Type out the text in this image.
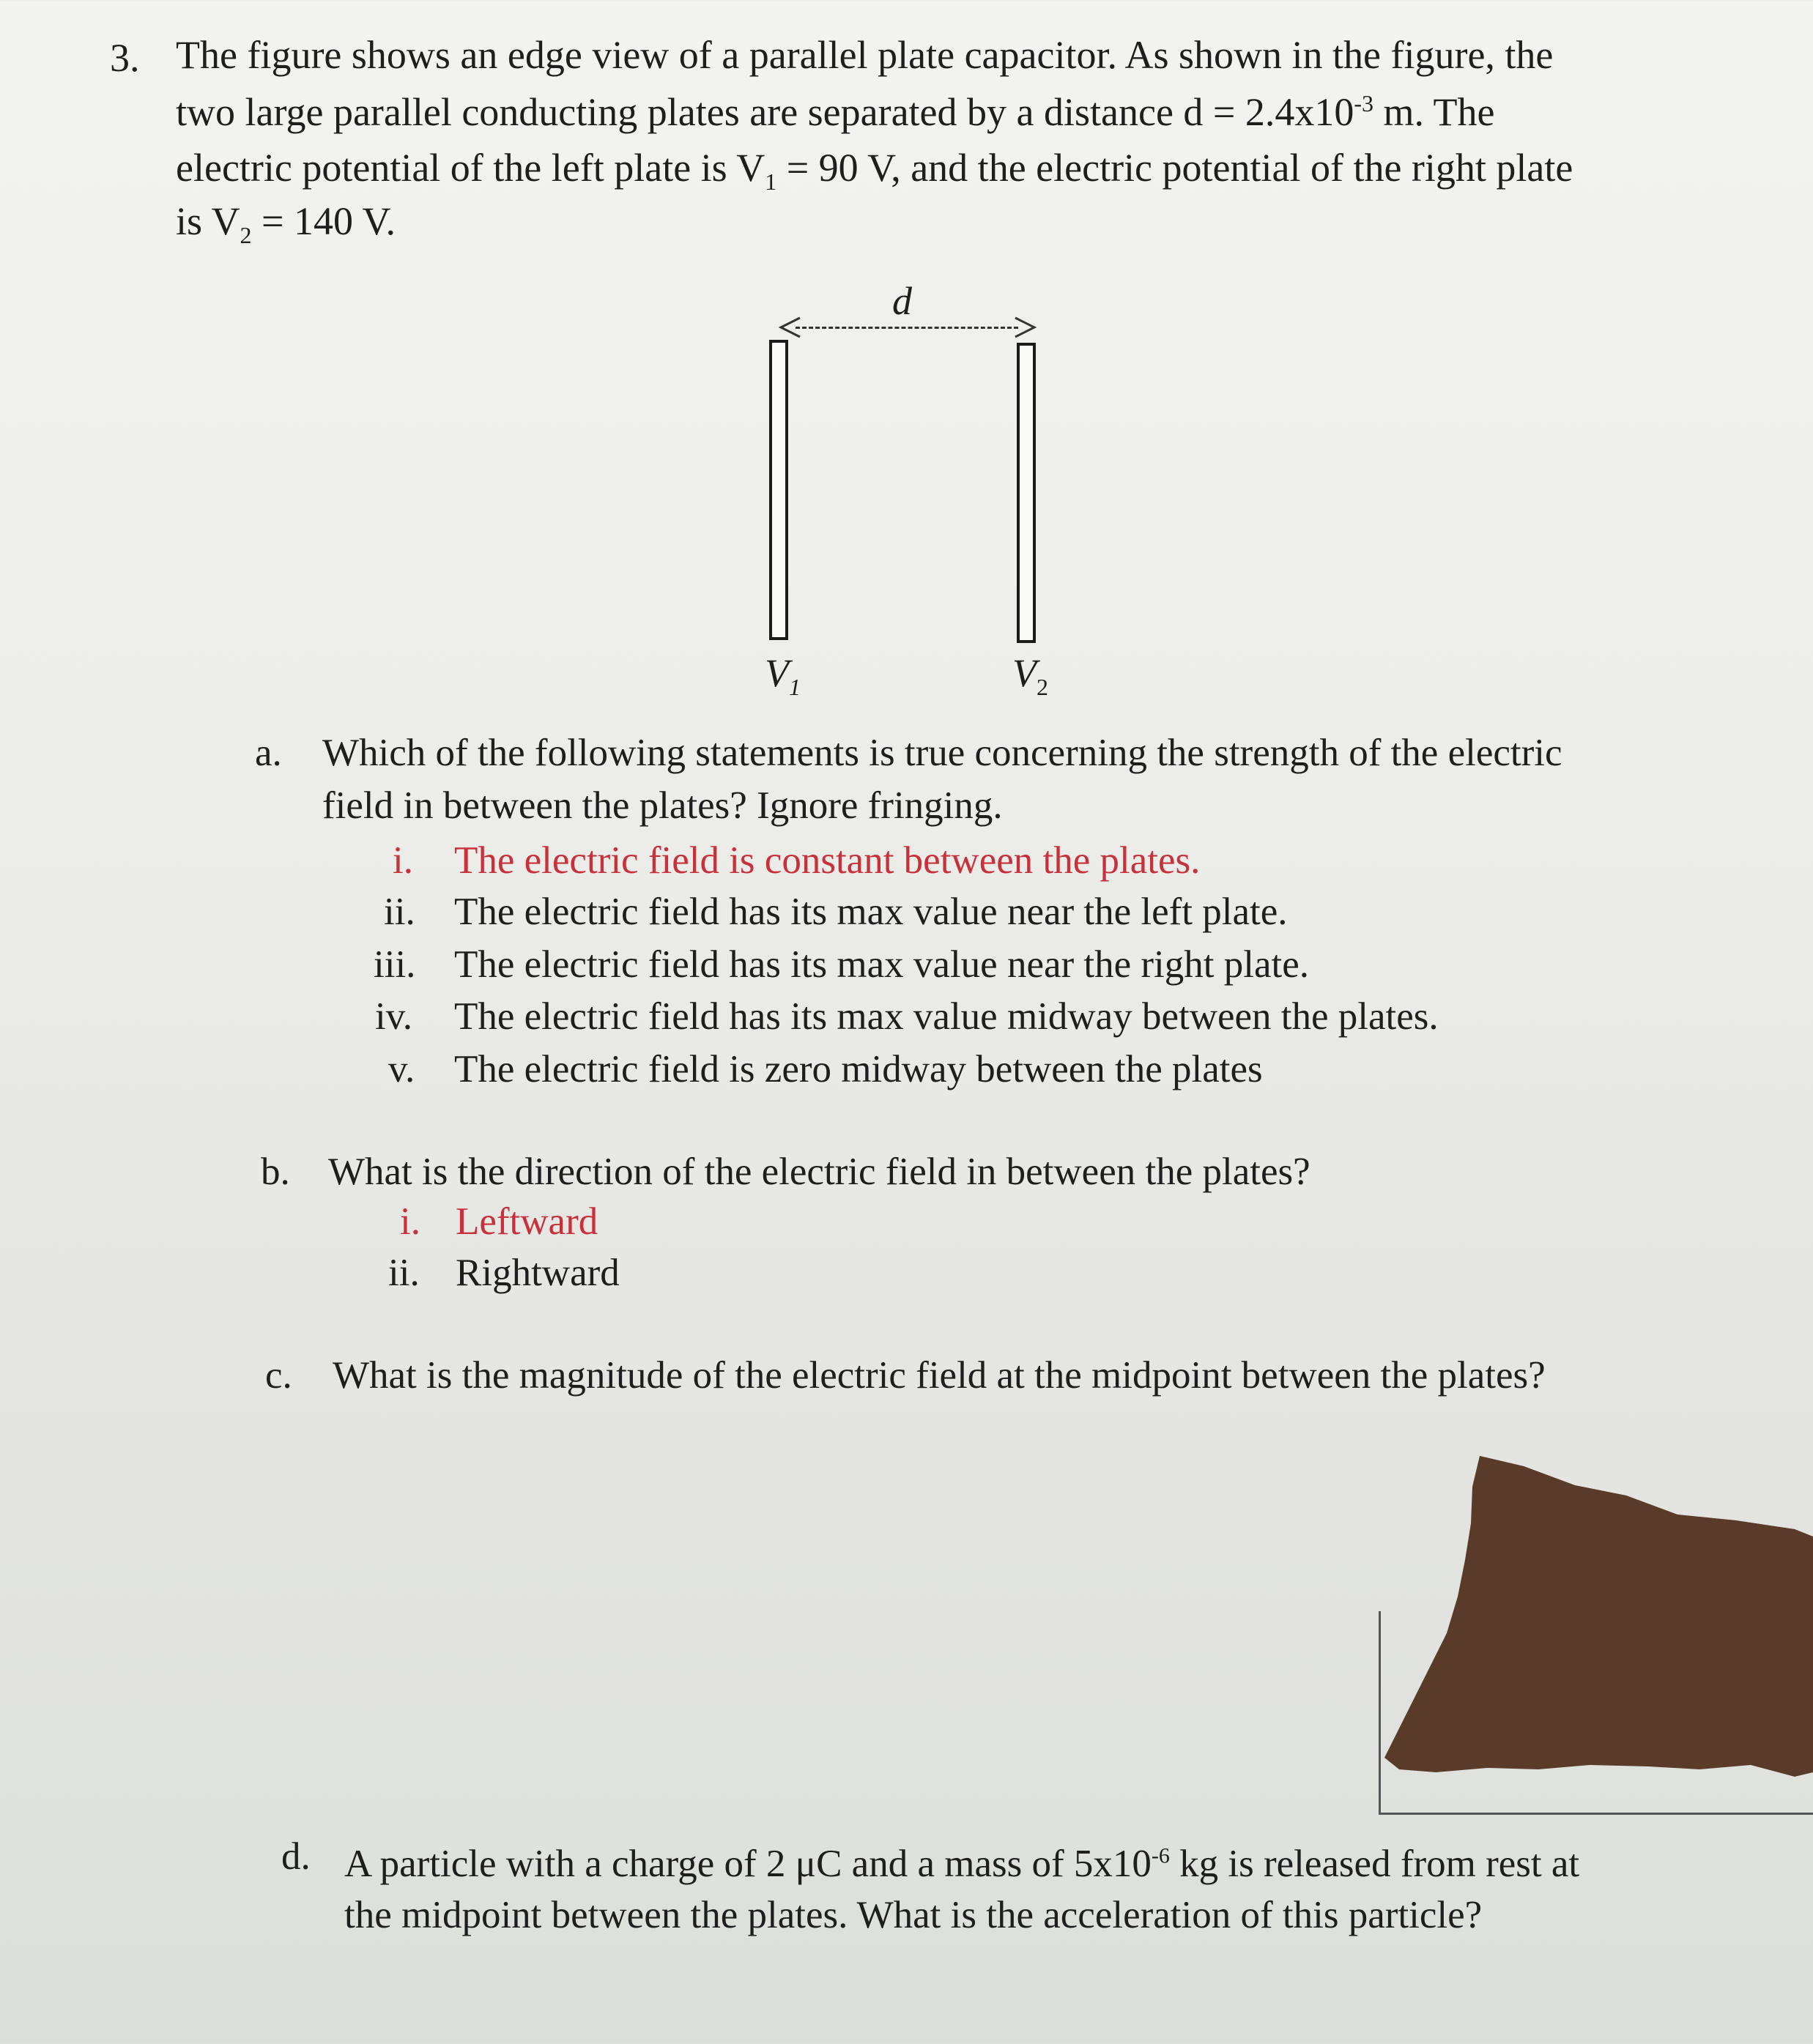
3. The figure shows an edge view of a parallel plate capacitor. As shown in the figure, the
two large parallel conducting plates are separated by a distance $d = 2.4x10^{-3}$ m. The
electric potential of the left plate is $V_1 = 90$ V, and the electric potential of the right plate
is $V_2 = 140$ V.
d
$V_1$	$V_2$
a. Which of the following statements is true concerning the strength of the electric
field in between the plates? Ignore fringing.
i. The electric field is constant between the plates.
ii. The electric field has its max value near the left plate.
iii. The electric field has its max value near the right plate.
iv. The electric field has its max value midway between the plates.
v. The electric field is zero midway between the plates
b. What is the direction of the electric field in between the plates?
i. Leftward
ii. Rightward
c. What is the magnitude of the electric field at the midpoint between the plates?
d. A particle with a charge of 2 μC and a mass of $5x10^{-6}$ kg is released from rest at
the midpoint between the plates. What is the acceleration of this particle?
